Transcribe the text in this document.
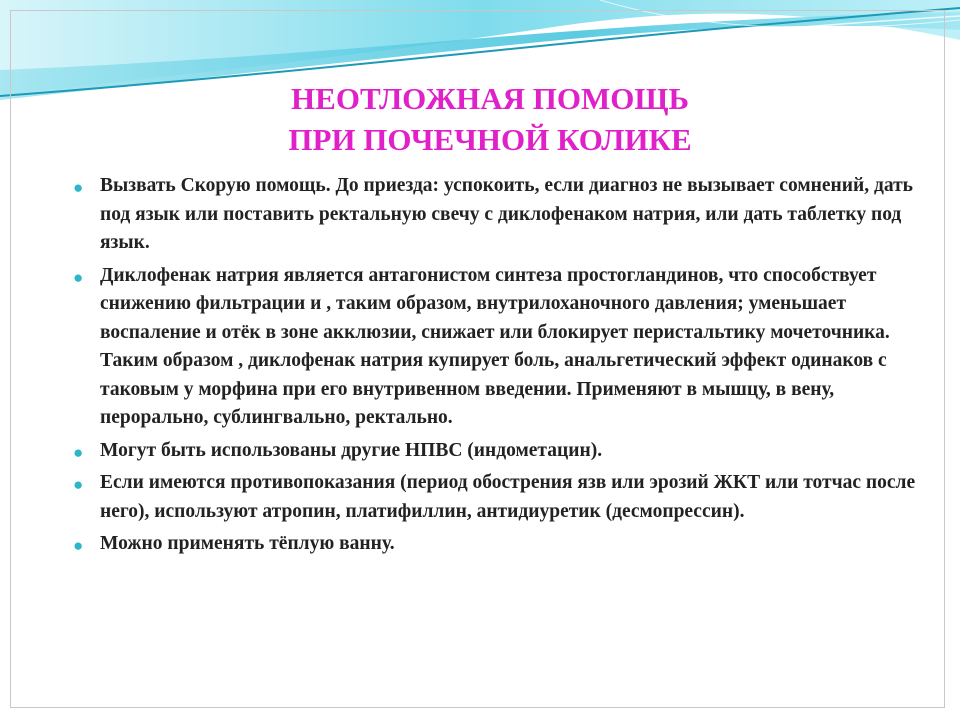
НЕОТЛОЖНАЯ ПОМОЩЬ
ПРИ ПОЧЕЧНОЙ КОЛИКЕ
● Вызвать Скорую помощь. До приезда: успокоить, если диагноз не вызывает сомнений, дать под язык или поставить ректальную свечу с диклофенаком натрия, или дать таблетку под язык.
● Диклофенак натрия является антагонистом синтеза простогландинов, что способствует снижению фильтрации и , таким образом, внутрилоханочного давления; уменьшает воспаление и отёк в зоне акклюзии, снижает или блокирует перистальтику мочеточника. Таким образом , диклофенак натрия купирует боль, анальгетический эффект одинаков с таковым у морфина при его внутривенном введении. Применяют в мышцу, в вену, перорально, сублингвально, ректально.
● Могут быть использованы другие НПВС (индометацин).
● Если имеются противопоказания (период обострения язв или эрозий ЖКТ или тотчас после него), используют атропин, платифиллин, антидиуретик (десмопрессин).
● Можно применять тёплую ванну.
